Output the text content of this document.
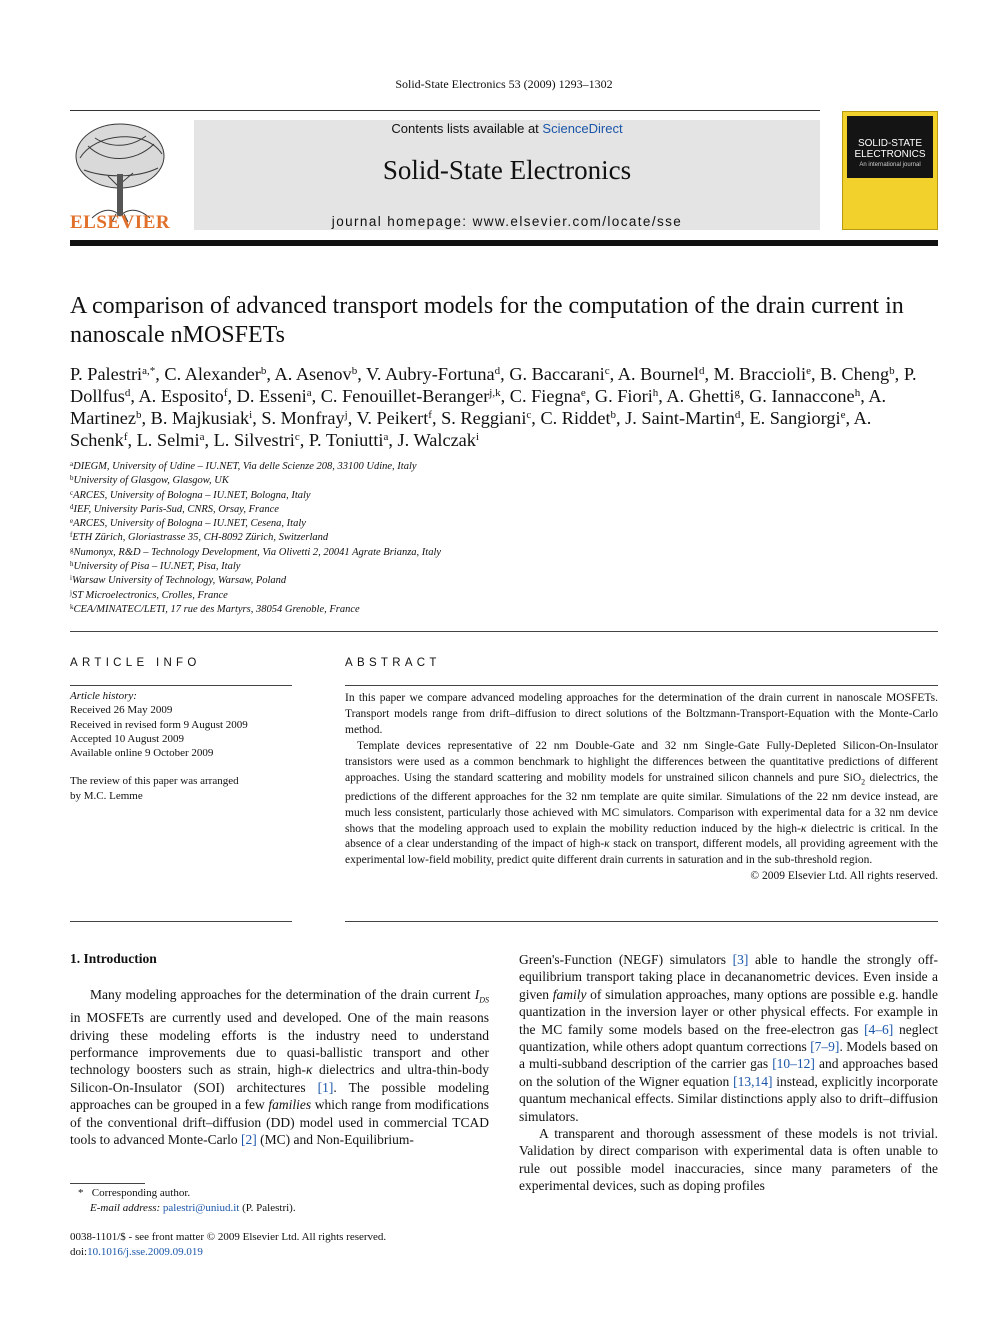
Solid-State Electronics 53 (2009) 1293–1302
ELSEVIER
Contents lists available at ScienceDirect
Solid-State Electronics
journal homepage: www.elsevier.com/locate/sse
SOLID-STATE
ELECTRONICS
An international journal
A comparison of advanced transport models for the computation of the drain current in nanoscale nMOSFETs
P. Palestri$^{a,*}$, C. Alexander$^b$, A. Asenov$^b$, V. Aubry-Fortuna$^d$, G. Baccarani$^c$, A. Bournel$^d$, M. Braccioli$^e$, B. Cheng$^b$, P. Dollfus$^d$, A. Esposito$^f$, D. Esseni$^a$, C. Fenouillet-Beranger$^{j,k}$, C. Fiegna$^e$, G. Fiori$^h$, A. Ghetti$^g$, G. Iannaccone$^h$, A. Martinez$^b$, B. Majkusiak$^i$, S. Monfray$^j$, V. Peikert$^f$, S. Reggiani$^c$, C. Riddet$^b$, J. Saint-Martin$^d$, E. Sangiorgi$^e$, A. Schenk$^f$, L. Selmi$^a$, L. Silvestri$^c$, P. Toniutti$^a$, J. Walczak$^i$
$^a$DIEGM, University of Udine – IU.NET, Via delle Scienze 208, 33100 Udine, Italy
$^b$University of Glasgow, Glasgow, UK
$^c$ARCES, University of Bologna – IU.NET, Bologna, Italy
$^d$IEF, University Paris-Sud, CNRS, Orsay, France
$^e$ARCES, University of Bologna – IU.NET, Cesena, Italy
$^f$ETH Zürich, Gloriastrasse 35, CH-8092 Zürich, Switzerland
$^g$Numonyx, R&D – Technology Development, Via Olivetti 2, 20041 Agrate Brianza, Italy
$^h$University of Pisa – IU.NET, Pisa, Italy
$^i$Warsaw University of Technology, Warsaw, Poland
$^j$ST Microelectronics, Crolles, France
$^k$CEA/MINATEC/LETI, 17 rue des Martyrs, 38054 Grenoble, France
ARTICLE INFO
Article history:
Received 26 May 2009
Received in revised form 9 August 2009
Accepted 10 August 2009
Available online 9 October 2009
The review of this paper was arranged
by M.C. Lemme
ABSTRACT

In this paper we compare advanced modeling approaches for the determination of the drain current in nanoscale MOSFETs. Transport models range from drift–diffusion to direct solutions of the Boltzmann-Transport-Equation with the Monte-Carlo method.

Template devices representative of 22 nm Double-Gate and 32 nm Single-Gate Fully-Depleted Silicon-On-Insulator transistors were used as a common benchmark to highlight the differences between the quantitative predictions of different approaches. Using the standard scattering and mobility models for unstrained silicon channels and pure SiO$_2$ dielectrics, the predictions of the different approaches for the 32 nm template are quite similar. Simulations of the 22 nm device instead, are much less consistent, particularly those achieved with MC simulators. Comparison with experimental data for a 32 nm device shows that the modeling approach used to explain the mobility reduction induced by the high-κ dielectric is critical. In the absence of a clear understanding of the impact of high-κ stack on transport, different models, all providing agreement with the experimental low-field mobility, predict quite different drain currents in saturation and in the sub-threshold region.

© 2009 Elsevier Ltd. All rights reserved.

1. Introduction

Many modeling approaches for the determination of the drain current $I_{DS}$ in MOSFETs are currently used and developed. One of the main reasons driving these modeling efforts is the industry need to understand performance improvements due to quasi-ballistic transport and other technology boosters such as strain, high-κ dielectrics and ultra-thin-body Silicon-On-Insulator (SOI) architectures [1]. The possible modeling approaches can be grouped in a few families which range from modifications of the conventional drift–diffusion (DD) model used in commercial TCAD tools to advanced Monte-Carlo [2] (MC) and Non-Equilibrium-

Green's-Function (NEGF) simulators [3] able to handle the strongly off-equilibrium transport taking place in decananometric devices. Even inside a given family of simulation approaches, many options are possible e.g. handle quantization in the inversion layer or other physical effects. For example in the MC family some models based on the free-electron gas [4–6] neglect quantization, while others adopt quantum corrections [7–9]. Models based on a multi-subband description of the carrier gas [10–12] and approaches based on the solution of the Wigner equation [13,14] instead, explicitly incorporate quantum mechanical effects. Similar distinctions apply also to drift–diffusion simulators.

A transparent and thorough assessment of these models is not trivial. Validation by direct comparison with experimental data is often unable to rule out possible model inaccuracies, since many parameters of the experimental devices, such as doping profiles

* Corresponding author.
E-mail address: palestri@uniud.it (P. Palestri).
0038-1101/$ - see front matter © 2009 Elsevier Ltd. All rights reserved.
doi:10.1016/j.sse.2009.09.019
